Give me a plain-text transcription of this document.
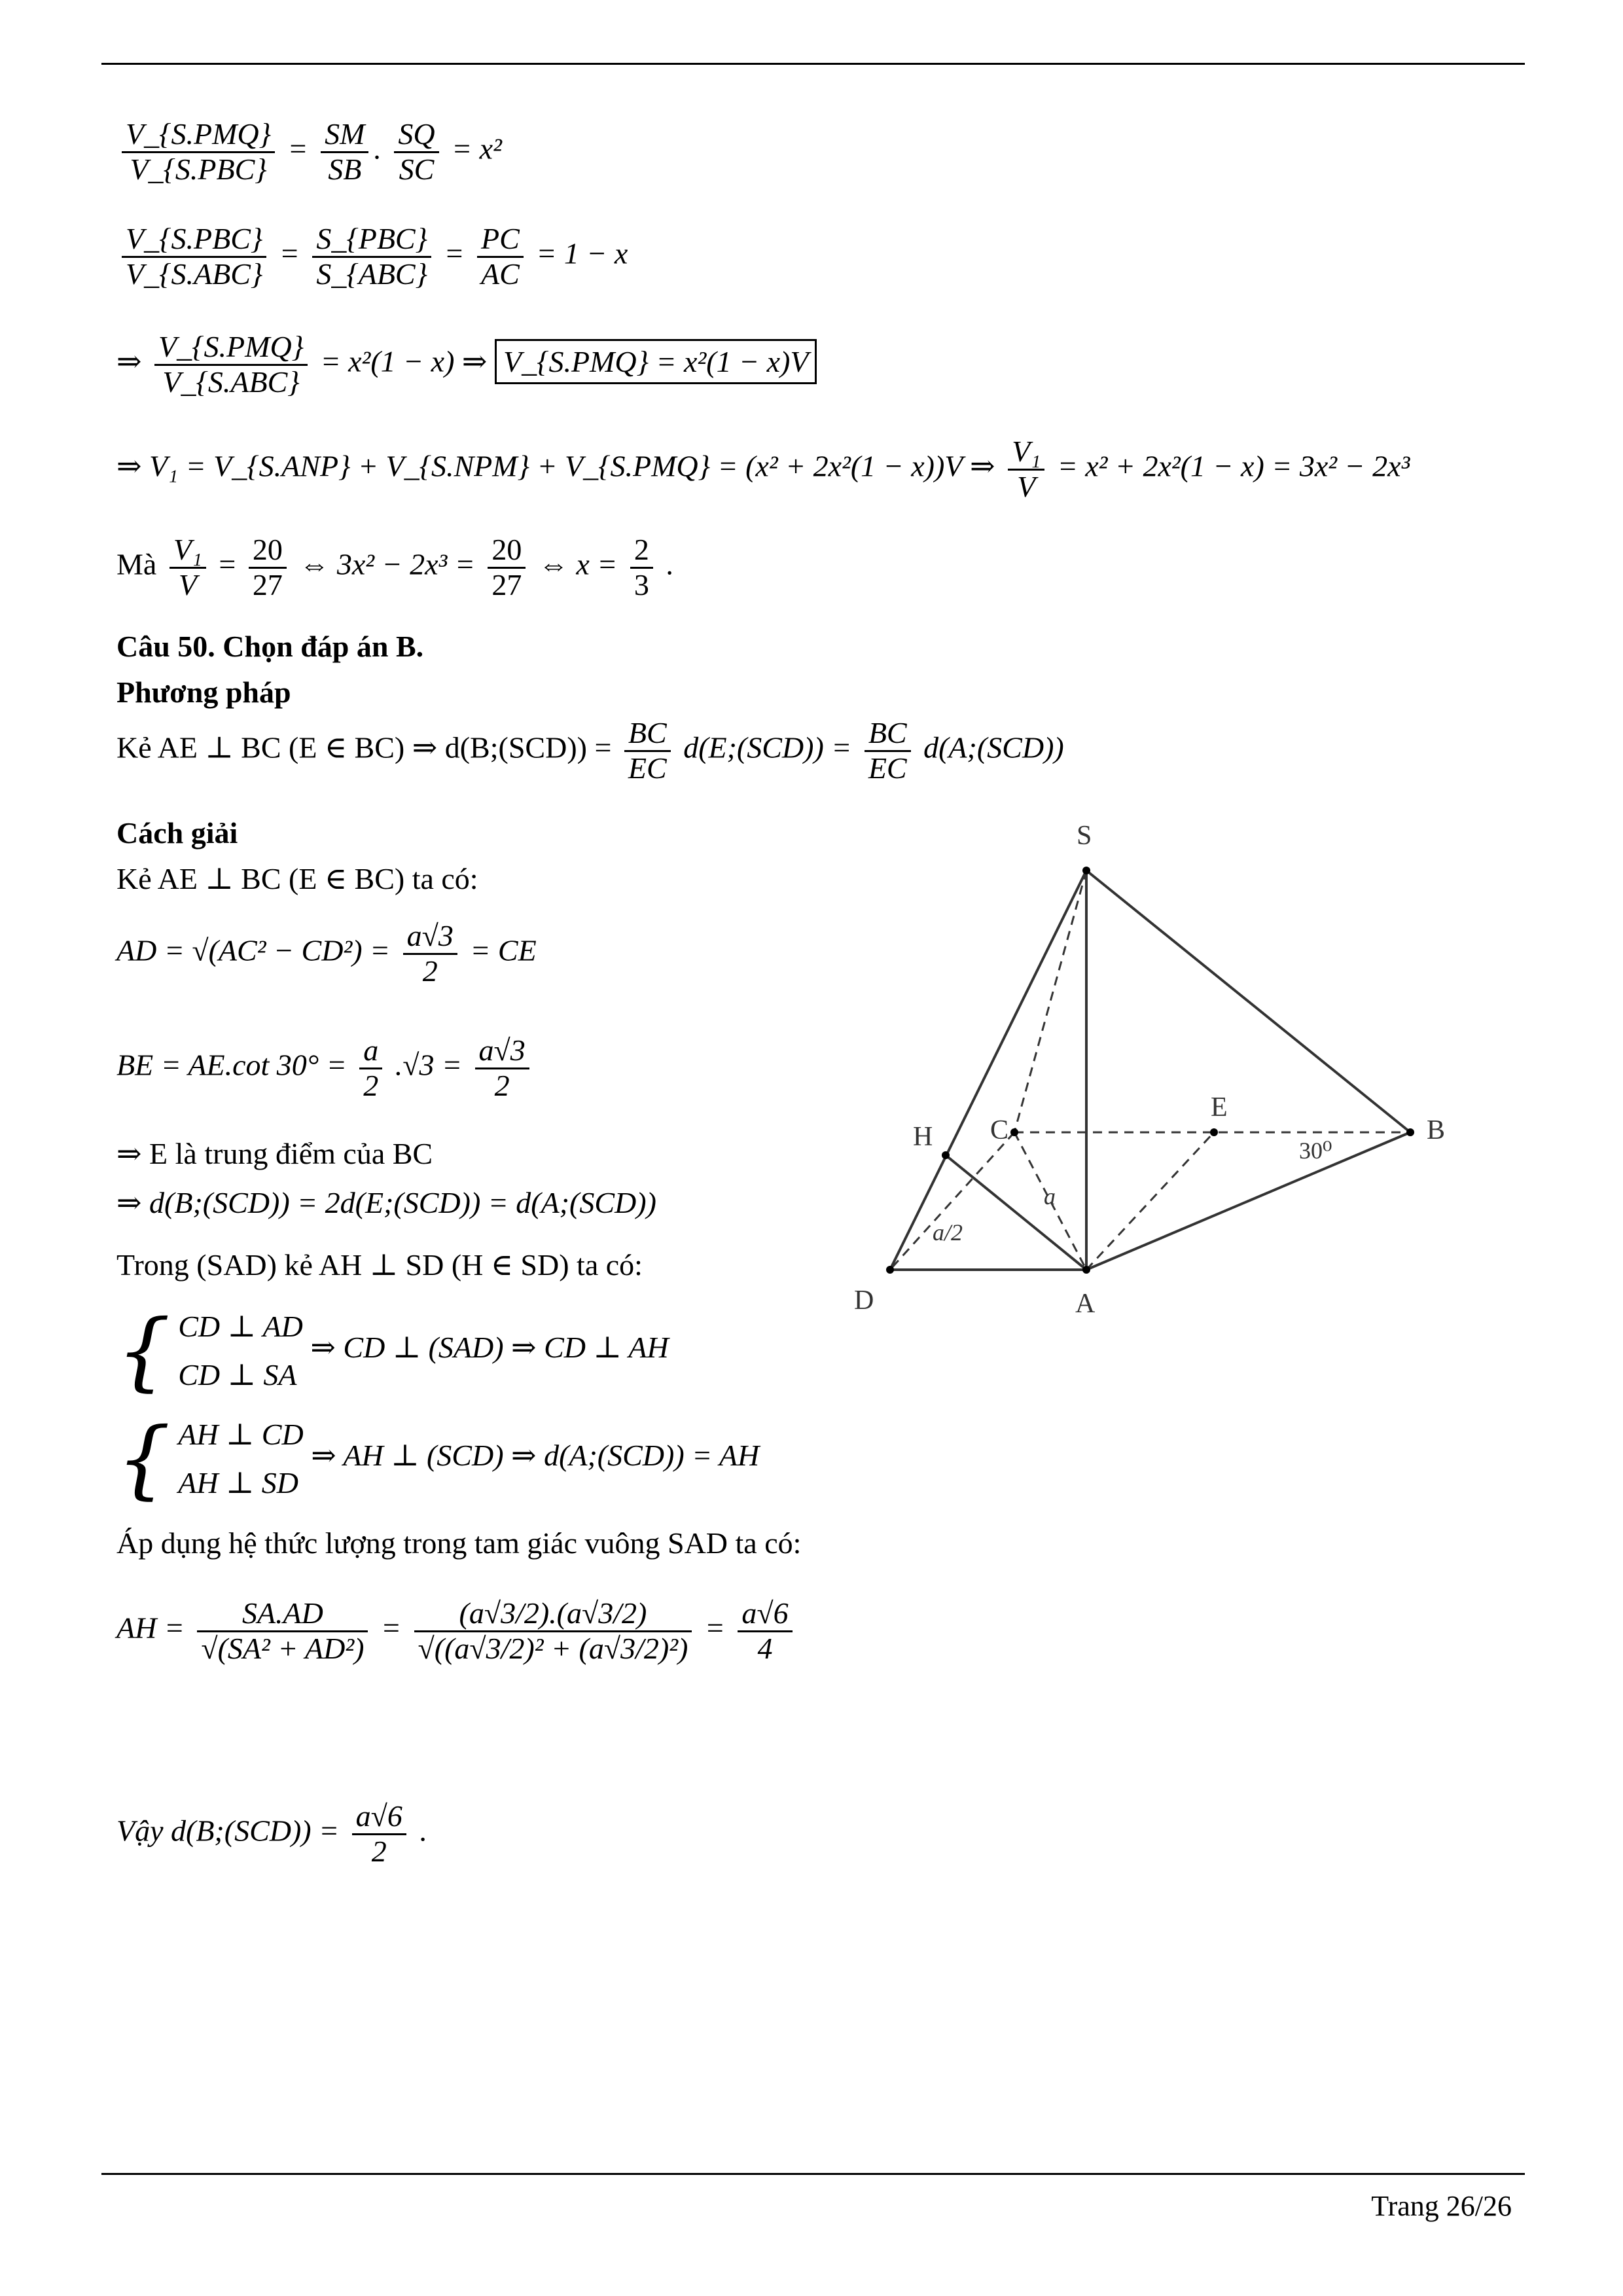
$\frac{\text{V\_\{S.PMQ\}}}{\text{V\_\{S.PBC\}}} = \frac{SM}{SB}$ . $\frac{SQ}{SC} = x^2$
$\frac{\text{V\_\{S.PBC\}}}{\text{V\_\{S.ABC\}}} = \frac{\text{S\_\{PBC\}}}{\text{S\_\{ABC\}}} = \frac{PC}{AC} = 1 - x$
⇒ $\frac{\text{V\_\{S.PMQ\}}}{\text{V\_\{S.ABC\}}} = x^2(1 - x)$ ⇒ V_{S.PMQ} = x²(1 − x)V
⇒ V₁ = V_{S.ANP} + V_{S.NPM} + V_{S.PMQ} = (x² + 2x²(1 − x))V ⇒ $\frac{\text{V₁}}{V} = x^2 + 2x^2(1 - x) = 3x^2 - 2x^3$
Mà $\frac{\text{V₁}}{V} = \frac{20}{27}$ ⇔ $3x^2 - 2x^3 = \frac{20}{27}$ ⇔ $x = \frac{2}{3}$ .
Câu 50. Chọn đáp án B.
Phương pháp
Kẻ AE ⊥ BC (E ∈ BC) ⇒ d(B;(SCD)) = $\frac{BC}{EC}$ d(E;(SCD)) = $\frac{BC}{EC}$ d(A;(SCD))
Cách giải
Kẻ AE ⊥ BC (E ∈ BC) ta có:
AD = $√(AC^2 - CD^2) = \frac{a√3}{2}$ = CE
BE = AE.cot $30^\circ = \frac{a}{2} .√3 = \frac{a√3}{2}$
⇒ E là trung điểm của BC
⇒ d(B;(SCD)) = 2d(E;(SCD)) = d(A;(SCD))
Trong (SAD) kẻ AH ⊥ SD (H ∈ SD) ta có:
{ CD ⊥ AD
CD ⊥ SA
⇒ CD ⊥ (SAD) ⇒ CD ⊥ AH
{ AH ⊥ CD
AH ⊥ SD
⇒ AH ⊥ (SCD) ⇒ d(A;(SCD)) = AH
Áp dụng hệ thức lượng trong tam giác vuông SAD ta có:
AH = $\frac{SA.AD}{\text{√(SA² + AD²)}} = \frac{(a√3/2).(a√3/2)}{\text{√((a√3/2)² + (a√3/2)²)}} = \frac{a√6}{4}$
Vậy d(B;(SCD)) = $\frac{a√6}{2}$ .
S
H C
E
B
D	A
a
a/2
30⁰
Trang 26/26
